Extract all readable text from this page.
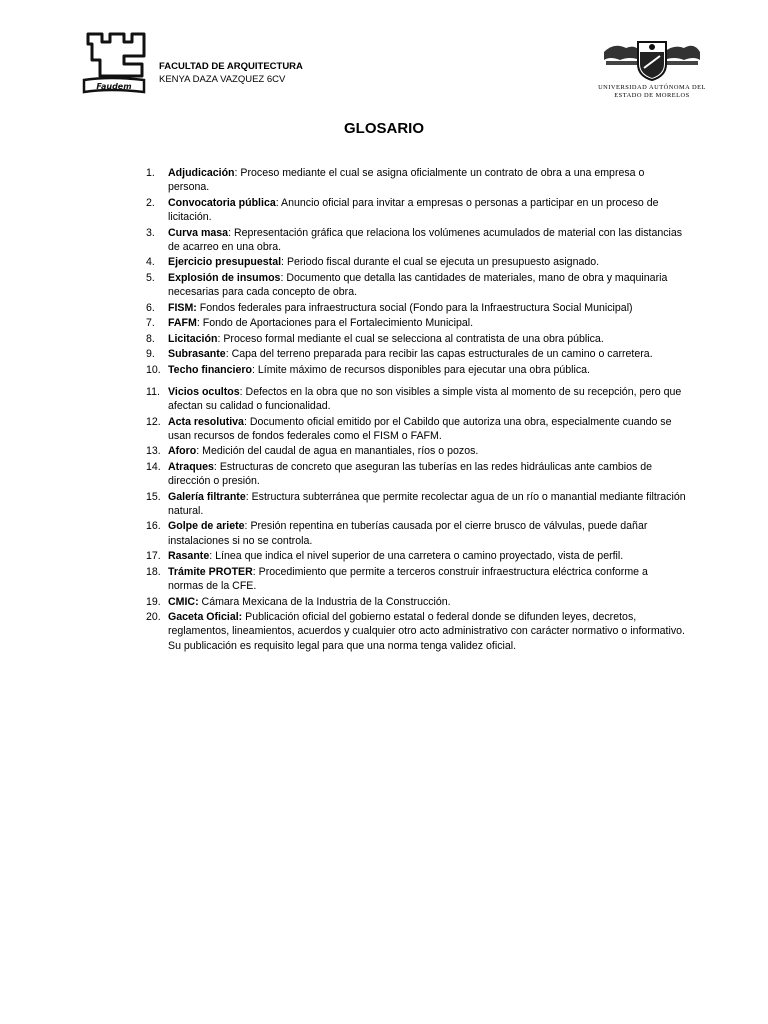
Faudem
FACULTAD DE ARQUITECTURA
KENYA DAZA VAZQUEZ 6CV
UNIVERSIDAD AUTÓNOMA DEL
ESTADO DE MORELOS
GLOSARIO
1. Adjudicación: Proceso mediante el cual se asigna oficialmente un contrato de obra a una empresa o persona.
2. Convocatoria pública: Anuncio oficial para invitar a empresas o personas a participar en un proceso de licitación.
3. Curva masa: Representación gráfica que relaciona los volúmenes acumulados de material con las distancias de acarreo en una obra.
4. Ejercicio presupuestal: Periodo fiscal durante el cual se ejecuta un presupuesto asignado.
5. Explosión de insumos: Documento que detalla las cantidades de materiales, mano de obra y maquinaria necesarias para cada concepto de obra.
6. FISM: Fondos federales para infraestructura social (Fondo para la Infraestructura Social Municipal)
7. FAFM: Fondo de Aportaciones para el Fortalecimiento Municipal.
8. Licitación: Proceso formal mediante el cual se selecciona al contratista de una obra pública.
9. Subrasante: Capa del terreno preparada para recibir las capas estructurales de un camino o carretera.
10. Techo financiero: Límite máximo de recursos disponibles para ejecutar una obra pública.
11. Vicios ocultos: Defectos en la obra que no son visibles a simple vista al momento de su recepción, pero que afectan su calidad o funcionalidad.
12. Acta resolutiva: Documento oficial emitido por el Cabildo que autoriza una obra, especialmente cuando se usan recursos de fondos federales como el FISM o FAFM.
13. Aforo: Medición del caudal de agua en manantiales, ríos o pozos.
14. Atraques: Estructuras de concreto que aseguran las tuberías en las redes hidráulicas ante cambios de dirección o presión.
15. Galería filtrante: Estructura subterránea que permite recolectar agua de un río o manantial mediante filtración natural.
16. Golpe de ariete: Presión repentina en tuberías causada por el cierre brusco de válvulas, puede dañar instalaciones si no se controla.
17. Rasante: Línea que indica el nivel superior de una carretera o camino proyectado, vista de perfil.
18. Trámite PROTER: Procedimiento que permite a terceros construir infraestructura eléctrica conforme a normas de la CFE.
19. CMIC: Cámara Mexicana de la Industria de la Construcción.
20. Gaceta Oficial: Publicación oficial del gobierno estatal o federal donde se difunden leyes, decretos, reglamentos, lineamientos, acuerdos y cualquier otro acto administrativo con carácter normativo o informativo. Su publicación es requisito legal para que una norma tenga validez oficial.
